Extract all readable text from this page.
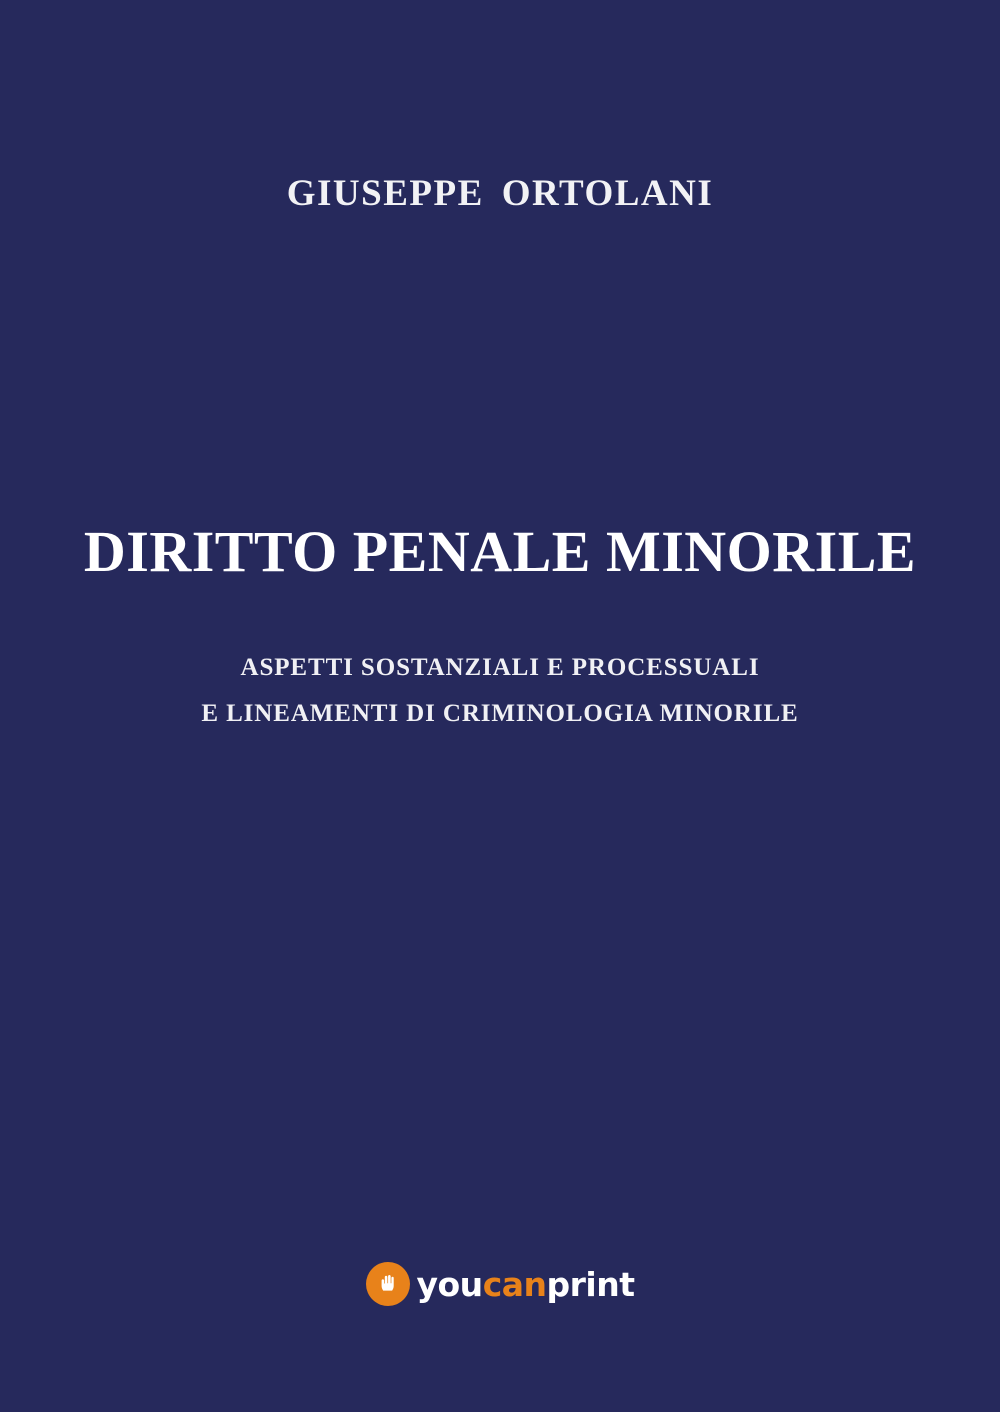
GIUSEPPE ORTOLANI
DIRITTO PENALE MINORILE
ASPETTI SOSTANZIALI E PROCESSUALI
E LINEAMENTI DI CRIMINOLOGIA MINORILE
youcanprint
